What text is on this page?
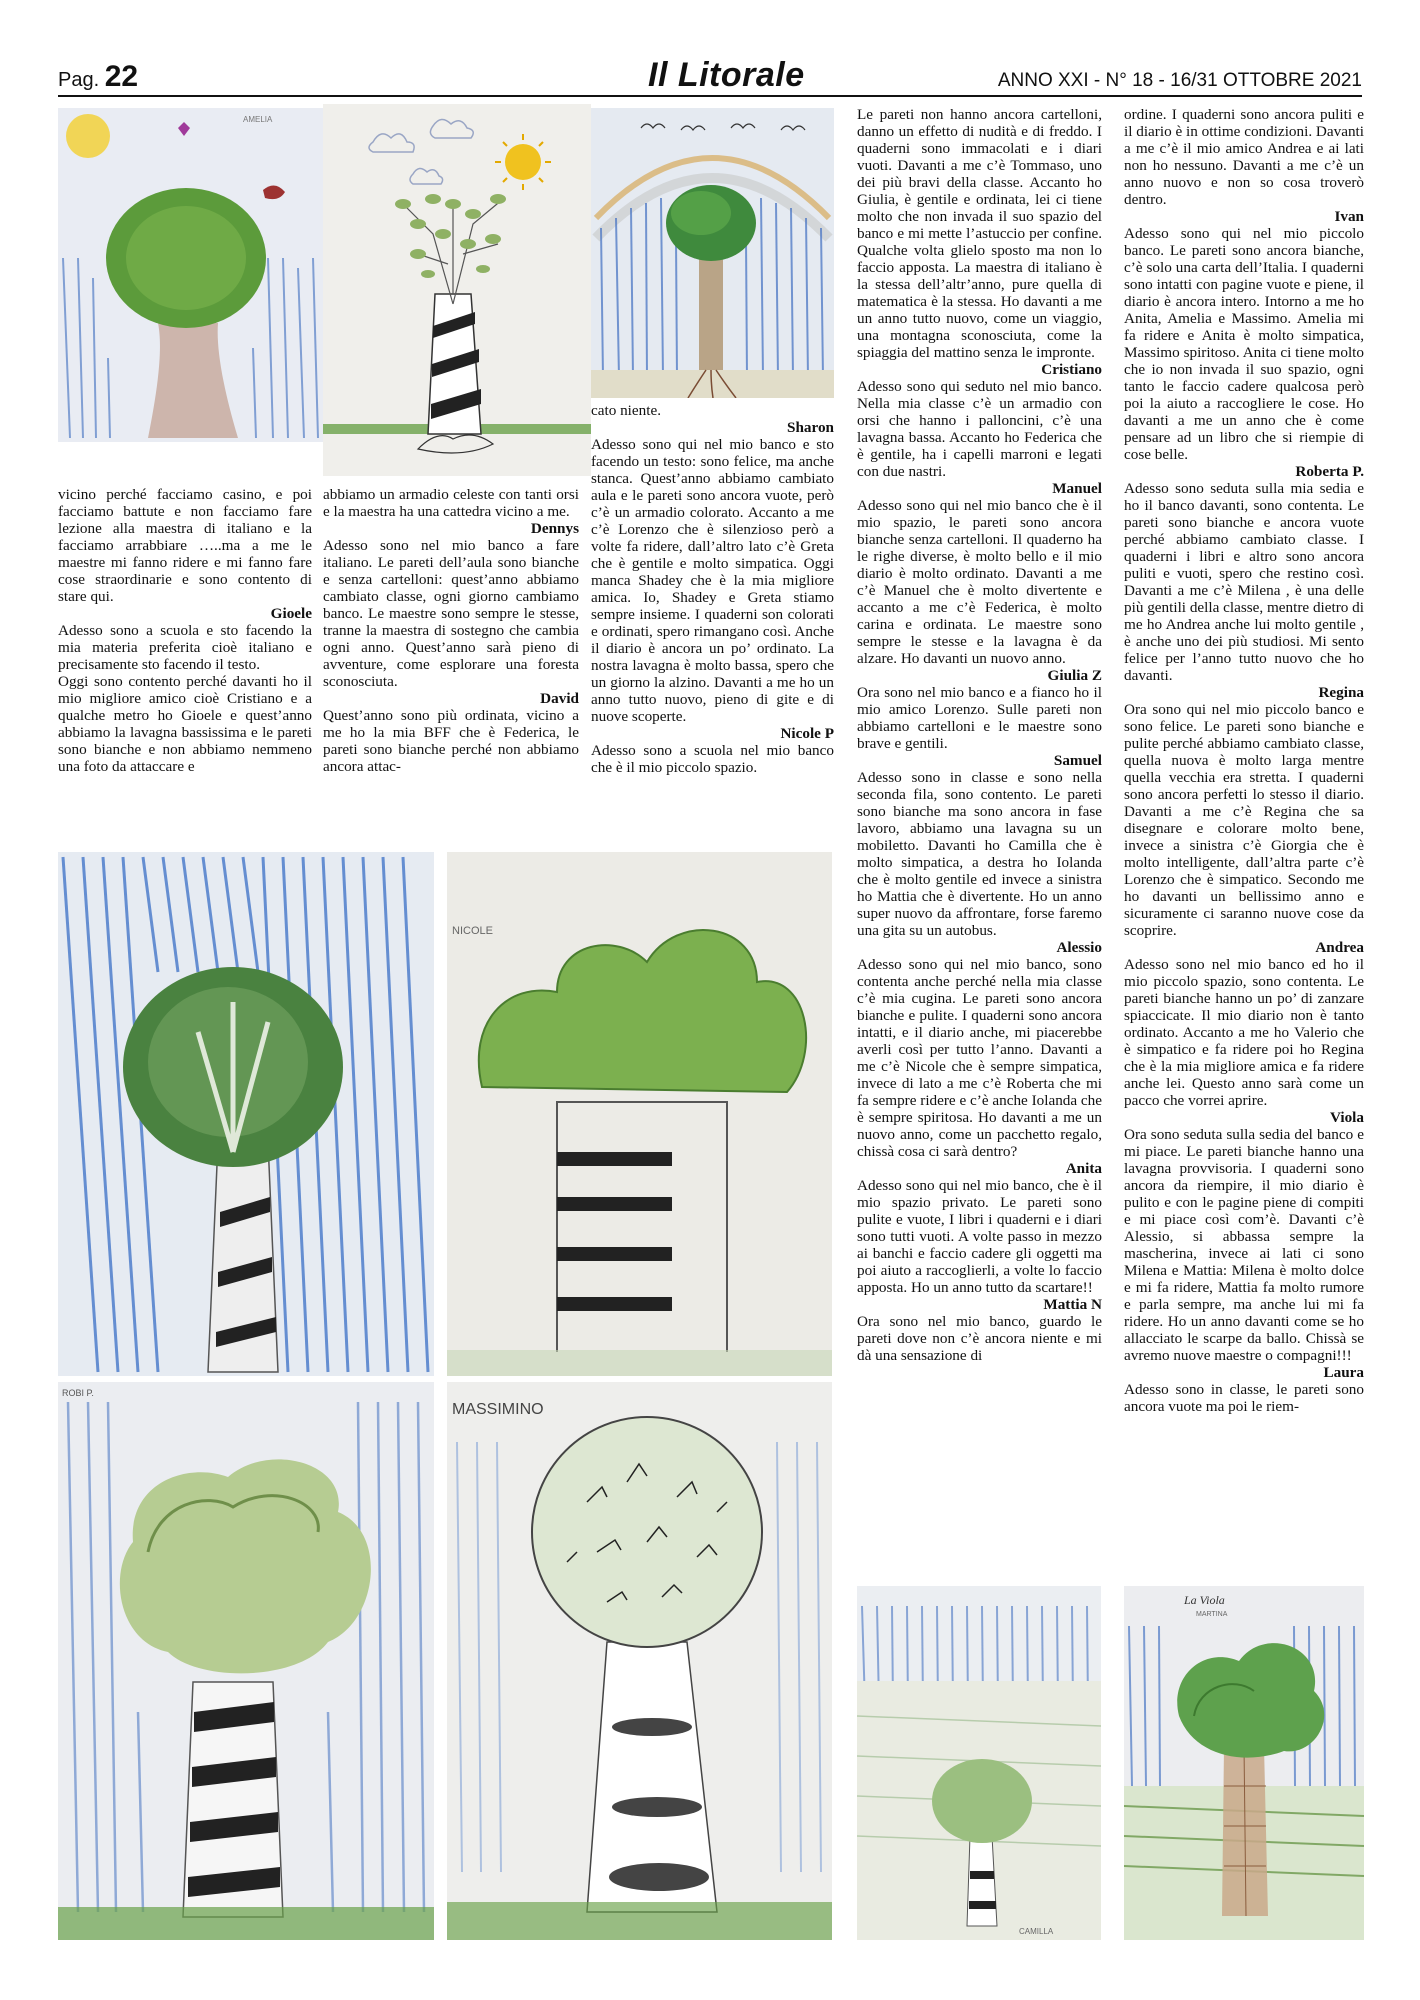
Pag. 22	Il Litorale	ANNO XXI - N° 18 - 16/31 OTTOBRE 2021
AMELIA

vicino perché facciamo casino, e poi facciamo battute e non facciamo fare lezione alla maestra di italiano e la facciamo arrabbiare …..ma a me le maestre mi fanno ridere e mi fanno fare cose straordinarie e sono contento di stare qui.

Gioele

Adesso sono a scuola e sto facendo la mia materia preferita cioè italiano e precisamente sto facendo il testo.

Oggi sono contento perché davanti ho il mio migliore amico cioè Cristiano e a qualche metro ho Gioele e quest’anno abbiamo la lavagna bassissima e le pareti sono bianche e non abbiamo nemmeno una foto da attaccare e

abbiamo un armadio celeste con tanti orsi e la maestra ha una cattedra vicino a me.

Dennys

Adesso sono nel mio banco a fare italiano. Le pareti dell’aula sono bianche e senza cartelloni: quest’anno abbiamo cambiato classe, ogni giorno cambiamo banco. Le maestre sono sempre le stesse, tranne la maestra di sostegno che cambia ogni anno. Quest’anno sarà pieno di avventure, come esplorare una foresta sconosciuta.

David

Quest’anno sono più ordinata, vicino a me ho la mia BFF che è Federica, le pareti sono bianche perché non abbiamo ancora attac-

cato niente.

Sharon

Adesso sono qui nel mio banco e sto facendo un testo: sono felice, ma anche stanca. Quest’anno abbiamo cambiato aula e le pareti sono ancora vuote, però c’è un armadio colorato. Accanto a me c’è Lorenzo che è silenzioso però a volte fa ridere, dall’altro lato c’è Greta che è gentile e molto simpatica. Oggi manca Shadey che è la mia migliore amica. Io, Shadey e Greta stiamo sempre insieme. I quaderni son colorati e ordinati, spero rimangano così. Anche il diario è ancora un po’ ordinato. La nostra lavagna è molto bassa, spero che un giorno la alzino. Davanti a me ho un anno tutto nuovo, pieno di gite e di nuove scoperte.

Nicole P

Adesso sono a scuola nel mio banco che è il mio piccolo spazio.

Le pareti non hanno ancora cartelloni, danno un effetto di nudità e di freddo. I quaderni sono immacolati e i diari vuoti. Davanti a me c’è Tommaso, uno dei più bravi della classe. Accanto ho Giulia, è gentile e ordinata, lei ci tiene molto che non invada il suo spazio del banco e mi mette l’astuccio per confine. Qualche volta glielo sposto ma non lo faccio apposta. La maestra di italiano è la stessa dell’altr’anno, pure quella di matematica è la stessa. Ho davanti a me un anno tutto nuovo, come un viaggio, una montagna sconosciuta, come la spiaggia del mattino senza le impronte.

Cristiano

Adesso sono qui seduto nel mio banco. Nella mia classe c’è un armadio con orsi che hanno i palloncini, c’è una lavagna bassa. Accanto ho Federica che è gentile, ha i capelli marroni e legati con due nastri.

Manuel

Adesso sono qui nel mio banco che è il mio spazio, le pareti sono ancora bianche senza cartelloni. Il quaderno ha le righe diverse, è molto bello e il mio diario è molto ordinato. Davanti a me c’è Manuel che è molto divertente e accanto a me c’è Federica, è molto carina e ordinata. Le maestre sono sempre le stesse e la lavagna è da alzare. Ho davanti un nuovo anno.

Giulia Z

Ora sono nel mio banco e a fianco ho il mio amico Lorenzo. Sulle pareti non abbiamo cartelloni e le maestre sono brave e gentili.

Samuel

Adesso sono in classe e sono nella seconda fila, sono contento. Le pareti sono bianche ma sono ancora in fase lavoro, abbiamo una lavagna su un mobiletto. Davanti ho Camilla che è molto simpatica, a destra ho Iolanda che è molto gentile ed invece a sinistra ho Mattia che è divertente. Ho un anno super nuovo da affrontare, forse faremo una gita su un autobus.

Alessio

Adesso sono qui nel mio banco, sono contenta anche perché nella mia classe c’è mia cugina. Le pareti sono ancora bianche e pulite. I quaderni sono ancora intatti, e il diario anche, mi piacerebbe averli così per tutto l’anno. Davanti a me c’è Nicole che è sempre simpatica, invece di lato a me c’è Roberta che mi fa sempre ridere e c’è anche Iolanda che è sempre spiritosa. Ho davanti a me un nuovo anno, come un pacchetto regalo, chissà cosa ci sarà dentro?

Anita

Adesso sono qui nel mio banco, che è il mio spazio privato. Le pareti sono pulite e vuote, I libri i quaderni e i diari sono tutti vuoti. A volte passo in mezzo ai banchi e faccio cadere gli oggetti ma poi aiuto a raccoglierli, a volte lo faccio apposta. Ho un anno tutto da scartare!!

Mattia N

Ora sono nel mio banco, guardo le pareti dove non c’è ancora niente e mi dà una sensazione di

ordine. I quaderni sono ancora puliti e il diario è in ottime condizioni. Davanti a me c’è il mio amico Andrea e ai lati non ho nessuno. Davanti a me c’è un anno nuovo e non so cosa troverò dentro.

Ivan

Adesso sono qui nel mio piccolo banco. Le pareti sono ancora bianche, c’è solo una carta dell’Italia. I quaderni sono intatti con pagine vuote e piene, il diario è ancora intero. Intorno a me ho Anita, Amelia e Massimo. Amelia mi fa ridere e Anita è molto simpatica, Massimo spiritoso. Anita ci tiene molto che io non invada il suo spazio, ogni tanto le faccio cadere qualcosa però poi la aiuto a raccogliere le cose. Ho davanti a me un anno che è come pensare ad un libro che si riempie di cose belle.

Roberta P.

Adesso sono seduta sulla mia sedia e ho il banco davanti, sono contenta. Le pareti sono bianche e ancora vuote perché abbiamo cambiato classe. I quaderni i libri e altro sono ancora puliti e vuoti, spero che restino così. Davanti a me c’è Milena , è una delle più gentili della classe, mentre dietro di me ho Andrea anche lui molto gentile , è anche uno dei più studiosi. Mi sento felice per l’anno tutto nuovo che ho davanti.

Regina

Ora sono qui nel mio piccolo banco e sono felice. Le pareti sono bianche e pulite perché abbiamo cambiato classe, quella nuova è molto larga mentre quella vecchia era stretta. I quaderni sono ancora perfetti lo stesso il diario. Davanti a me c’è Regina che sa disegnare e colorare molto bene, invece a sinistra c’è Giorgia che è molto intelligente, dall’altra parte c’è Lorenzo che è simpatico. Secondo me ho davanti un bellissimo anno e sicuramente ci saranno nuove cose da scoprire.

Andrea

Adesso sono nel mio banco ed ho il mio piccolo spazio, sono contenta. Le pareti bianche hanno un po’ di zanzare spiaccicate. Il mio diario non è tanto ordinato. Accanto a me ho Valerio che è simpatico e fa ridere poi ho Regina che è la mia migliore amica e fa ridere anche lei. Questo anno sarà come un pacco che vorrei aprire.

Viola

Ora sono seduta sulla sedia del banco e mi piace. Le pareti bianche hanno una lavagna provvisoria. I quaderni sono ancora da riempire, il mio diario è pulito e con le pagine piene di compiti e mi piace così com’è. Davanti c’è Alessio, si abbassa sempre la mascherina, invece ai lati ci sono Milena e Mattia: Milena è molto dolce e mi fa ridere, Mattia fa molto rumore e parla sempre, ma anche lui mi fa ridere. Ho un anno davanti come se ho allacciato le scarpe da ballo. Chissà se avremo nuove maestre o compagni!!!

Laura

Adesso sono in classe, le pareti sono ancora vuote ma poi le riem-

NICOLE
ROBI P.
MASSIMINO
CAMILLA
La Viola
MARTINA
